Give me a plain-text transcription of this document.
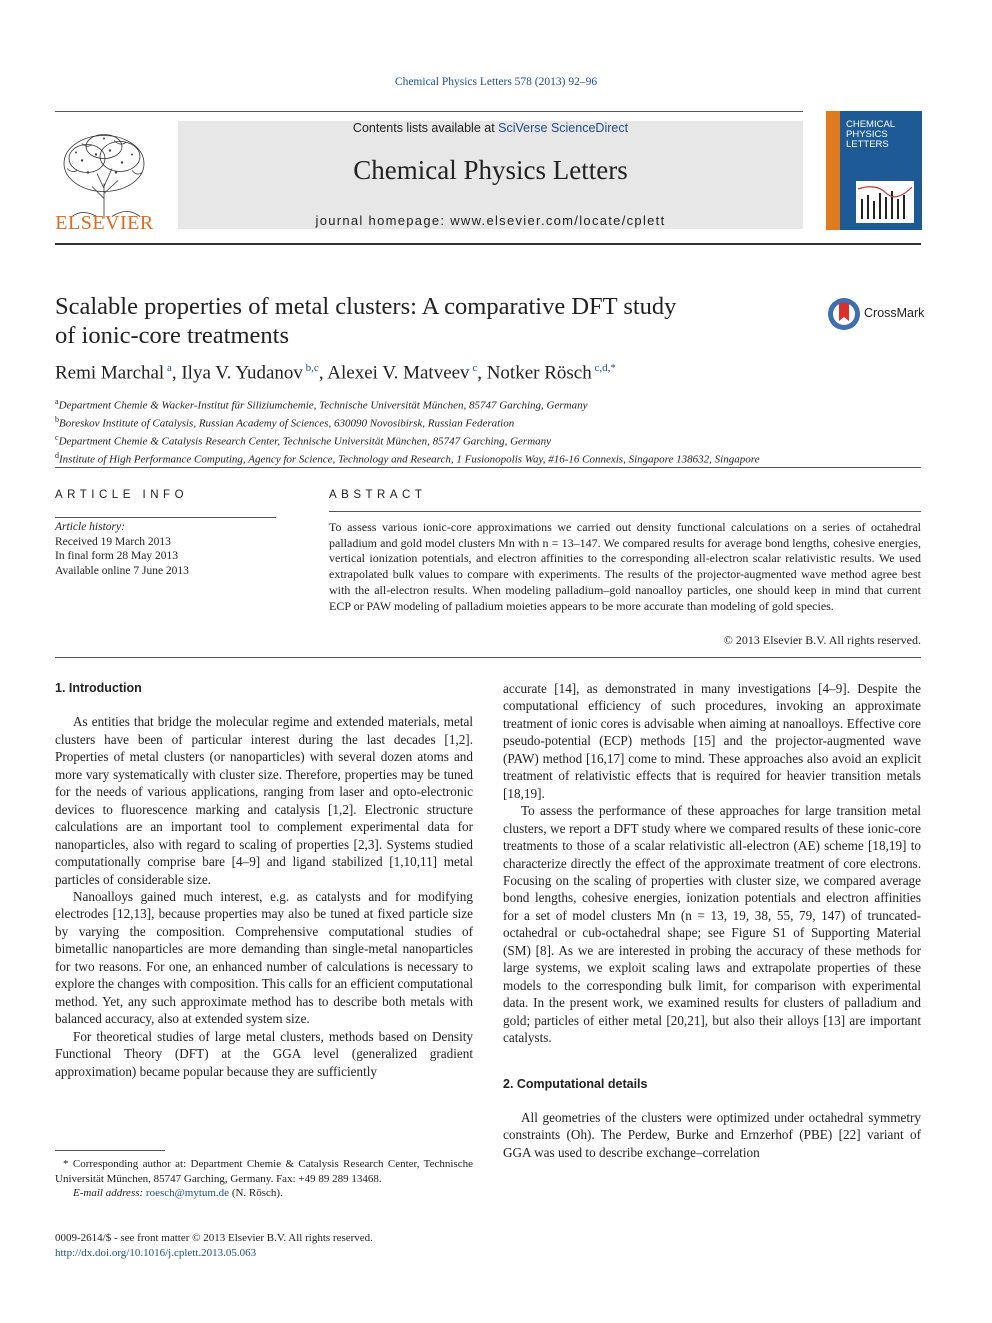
Chemical Physics Letters 578 (2013) 92–96
ELSEVIER
Contents lists available at SciVerse ScienceDirect
Chemical Physics Letters
journal homepage: www.elsevier.com/locate/cplett
CHEMICAL
PHYSICS
LETTERS
Scalable properties of metal clusters: A comparative DFT study
of ionic-core treatments
CrossMark
Remi Marchal $^a$, Ilya V. Yudanov $^{b,c}$, Alexei V. Matveev $^c$, Notker Rösch $^{c,d,*}$
$^a$Department Chemie & Wacker-Institut für Siliziumchemie, Technische Universität München, 85747 Garching, Germany
$^b$Boreskov Institute of Catalysis, Russian Academy of Sciences, 630090 Novosibirsk, Russian Federation
$^c$Department Chemie & Catalysis Research Center, Technische Universität München, 85747 Garching, Germany
$^d$Institute of High Performance Computing, Agency for Science, Technology and Research, 1 Fusionopolis Way, #16-16 Connexis, Singapore 138632, Singapore
ARTICLE INFO
Article history:
Received 19 March 2013
In final form 28 May 2013
Available online 7 June 2013
ABSTRACT
To assess various ionic-core approximations we carried out density functional calculations on a series of octahedral palladium and gold model clusters Mn with n = 13–147. We compared results for average bond lengths, cohesive energies, vertical ionization potentials, and electron affinities to the corresponding all-electron scalar relativistic results. We used extrapolated bulk values to compare with experiments. The results of the projector-augmented wave method agree best with the all-electron results. When modeling palladium–gold nanoalloy particles, one should keep in mind that current ECP or PAW modeling of palladium moieties appears to be more accurate than modeling of gold species.
© 2013 Elsevier B.V. All rights reserved.
1. Introduction

As entities that bridge the molecular regime and extended materials, metal clusters have been of particular interest during the last decades [1,2]. Properties of metal clusters (or nanoparticles) with several dozen atoms and more vary systematically with cluster size. Therefore, properties may be tuned for the needs of various applications, ranging from laser and opto-electronic devices to fluorescence marking and catalysis [1,2]. Electronic structure calculations are an important tool to complement experimental data for nanoparticles, also with regard to scaling of properties [2,3]. Systems studied computationally comprise bare [4–9] and ligand stabilized [1,10,11] metal particles of considerable size.

Nanoalloys gained much interest, e.g. as catalysts and for modifying electrodes [12,13], because properties may also be tuned at fixed particle size by varying the composition. Comprehensive computational studies of bimetallic nanoparticles are more demanding than single-metal nanoparticles for two reasons. For one, an enhanced number of calculations is necessary to explore the changes with composition. This calls for an efficient computational method. Yet, any such approximate method has to describe both metals with balanced accuracy, also at extended system size.

For theoretical studies of large metal clusters, methods based on Density Functional Theory (DFT) at the GGA level (generalized gradient approximation) became popular because they are sufficiently

* Corresponding author at: Department Chemie & Catalysis Research Center, Technische Universität München, 85747 Garching, Germany. Fax: +49 89 289 13468.
E-mail address: roesch@mytum.de (N. Rösch).
0009-2614/$ - see front matter © 2013 Elsevier B.V. All rights reserved.
http://dx.doi.org/10.1016/j.cplett.2013.05.063

accurate [14], as demonstrated in many investigations [4–9]. Despite the computational efficiency of such procedures, invoking an approximate treatment of ionic cores is advisable when aiming at nanoalloys. Effective core pseudo-potential (ECP) methods [15] and the projector-augmented wave (PAW) method [16,17] come to mind. These approaches also avoid an explicit treatment of relativistic effects that is required for heavier transition metals [18,19].

To assess the performance of these approaches for large transition metal clusters, we report a DFT study where we compared results of these ionic-core treatments to those of a scalar relativistic all-electron (AE) scheme [18,19] to characterize directly the effect of the approximate treatment of core electrons. Focusing on the scaling of properties with cluster size, we compared average bond lengths, cohesive energies, ionization potentials and electron affinities for a set of model clusters Mn (n = 13, 19, 38, 55, 79, 147) of truncated-octahedral or cub-octahedral shape; see Figure S1 of Supporting Material (SM) [8]. As we are interested in probing the accuracy of these methods for large systems, we exploit scaling laws and extrapolate properties of these models to the corresponding bulk limit, for comparison with experimental data. In the present work, we examined results for clusters of palladium and gold; particles of either metal [20,21], but also their alloys [13] are important catalysts.

2. Computational details

All geometries of the clusters were optimized under octahedral symmetry constraints (Oh). The Perdew, Burke and Ernzerhof (PBE) [22] variant of GGA was used to describe exchange–correlation
